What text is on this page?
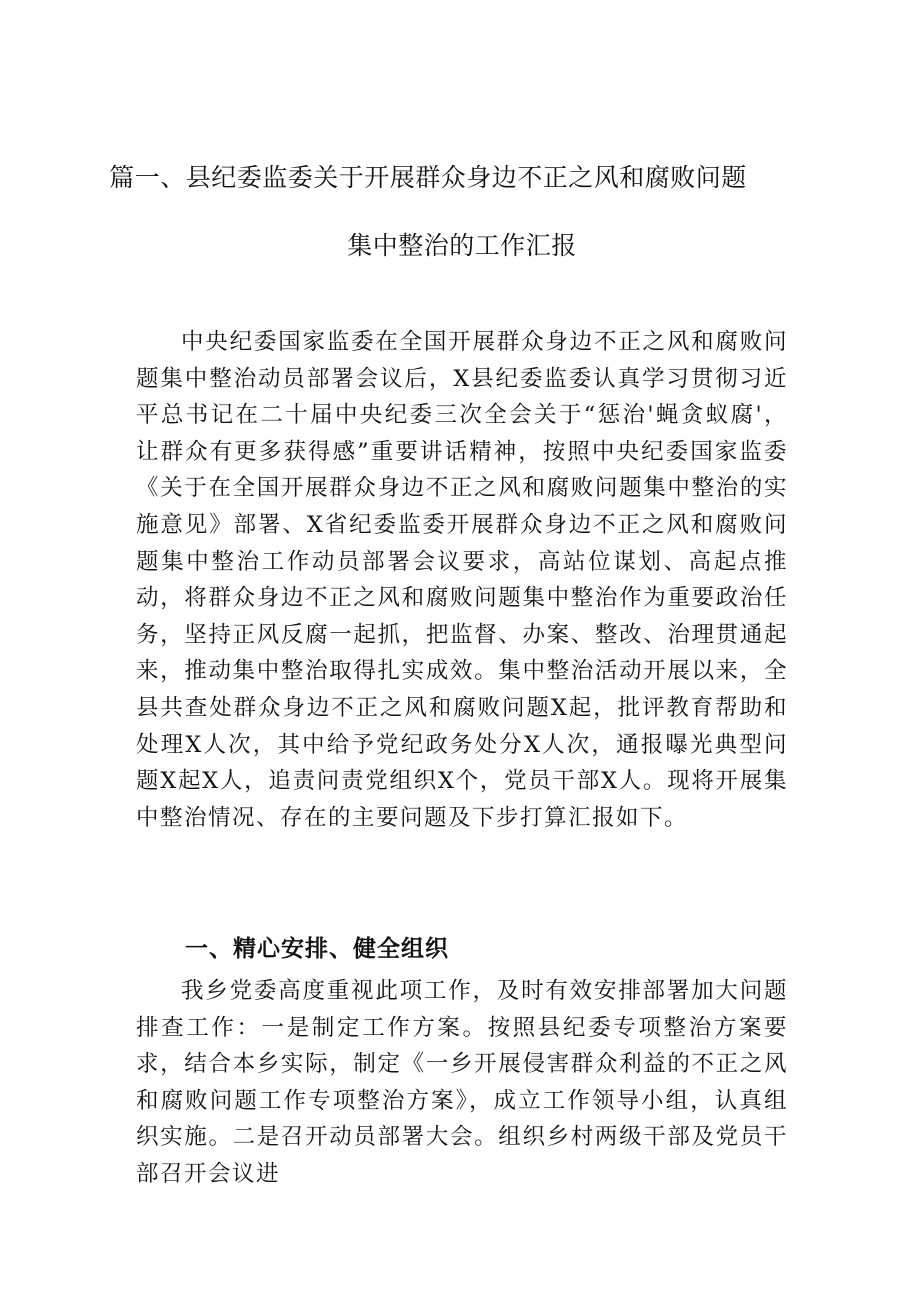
篇一、县纪委监委关于开展群众身边不正之风和腐败问题
集中整治的工作汇报

中央纪委国家监委在全国开展群众身边不正之风和腐败问题集中整治动员部署会议后，X县纪委监委认真学习贯彻习近平总书记在二十届中央纪委三次全会关于“惩治'蝇贪蚁腐'，让群众有更多获得感”重要讲话精神，按照中央纪委国家监委《关于在全国开展群众身边不正之风和腐败问题集中整治的实施意见》部署、X省纪委监委开展群众身边不正之风和腐败问题集中整治工作动员部署会议要求，高站位谋划、高起点推动，将群众身边不正之风和腐败问题集中整治作为重要政治任务，坚持正风反腐一起抓，把监督、办案、整改、治理贯通起来，推动集中整治取得扎实成效。集中整治活动开展以来，全县共查处群众身边不正之风和腐败问题X起，批评教育帮助和处理X人次，其中给予党纪政务处分X人次，通报曝光典型问题X起X人，追责问责党组织X个，党员干部X人。现将开展集中整治情况、存在的主要问题及下步打算汇报如下。

一、精心安排、健全组织

我乡党委高度重视此项工作，及时有效安排部署加大问题排查工作：一是制定工作方案。按照县纪委专项整治方案要求，结合本乡实际，制定《一乡开展侵害群众利益的不正之风和腐败问题工作专项整治方案》，成立工作领导小组，认真组织实施。二是召开动员部署大会。组织乡村两级干部及党员干部召开会议进
